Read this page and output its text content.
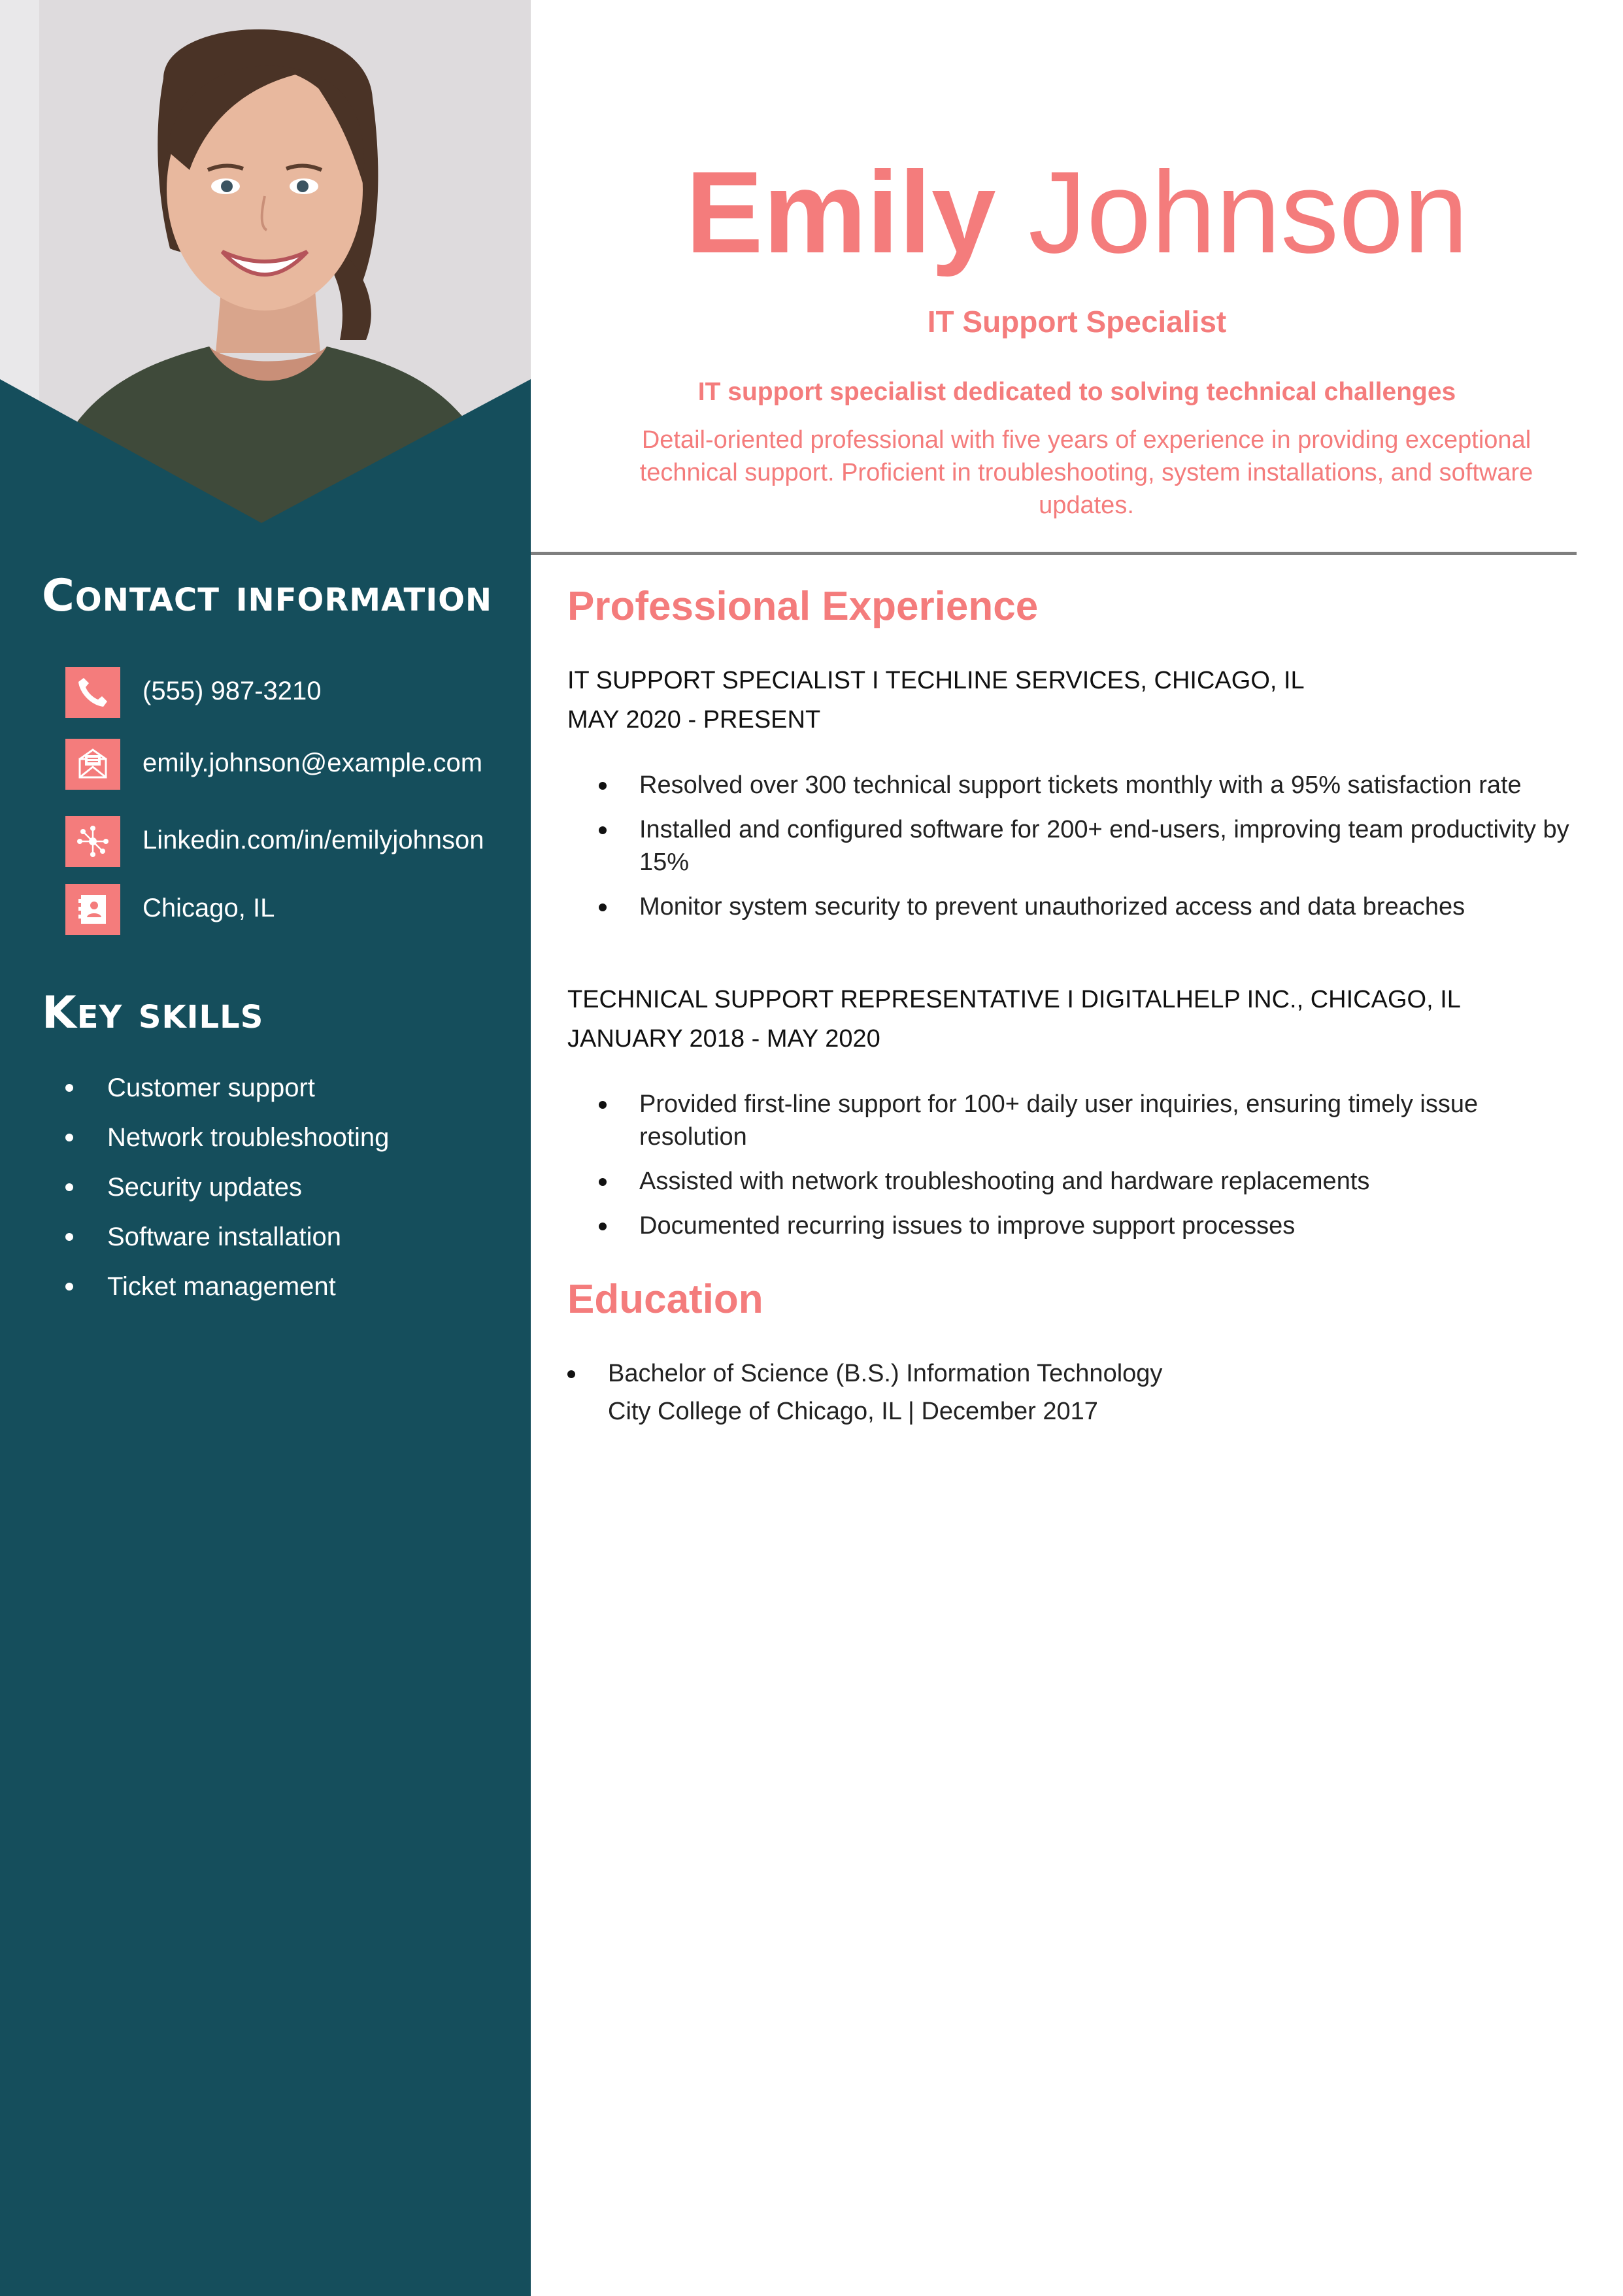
Contact information
(555) 987-3210
emily.johnson@example.com
Linkedin.com/in/emilyjohnson
Chicago, IL
Key skills
Customer support
Network troubleshooting
Security updates
Software installation
Ticket management
Emily Johnson
IT Support Specialist
IT support specialist dedicated to solving technical challenges
Detail-oriented professional with five years of experience in providing exceptional technical support. Proficient in troubleshooting, system installations, and software updates.
Professional Experience
IT SUPPORT SPECIALIST I TECHLINE SERVICES, CHICAGO, IL
MAY 2020 - PRESENT
Resolved over 300 technical support tickets monthly with a 95% satisfaction rate
Installed and configured software for 200+ end-users, improving team productivity by 15%
Monitor system security to prevent unauthorized access and data breaches
TECHNICAL SUPPORT REPRESENTATIVE I DIGITALHELP INC., CHICAGO, IL
JANUARY 2018 - MAY 2020
Provided first-line support for 100+ daily user inquiries, ensuring timely issue resolution
Assisted with network troubleshooting and hardware replacements
Documented recurring issues to improve support processes
Education
Bachelor of Science (B.S.) Information Technology
City College of Chicago, IL | December 2017
